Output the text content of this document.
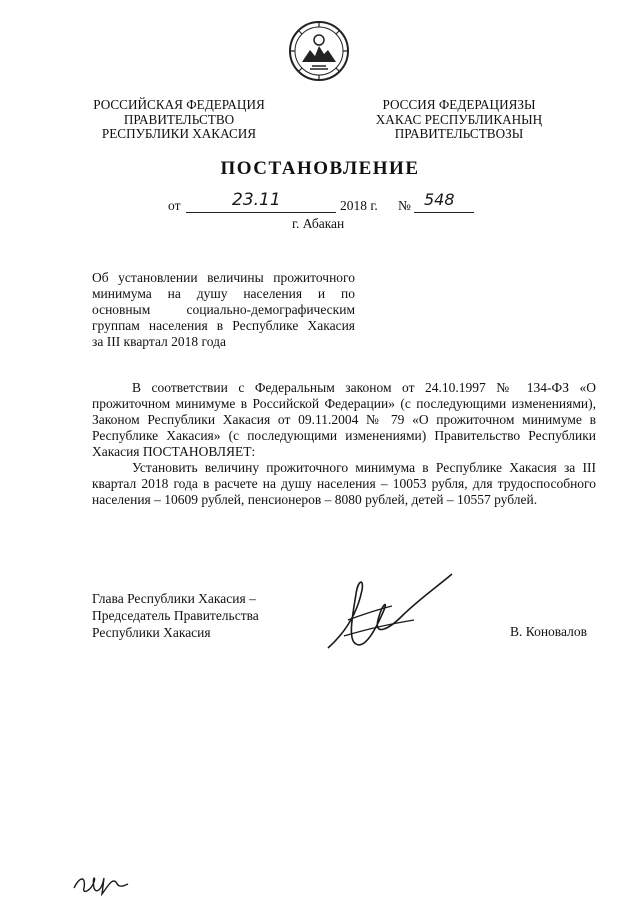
РОССИЙСКАЯ ФЕДЕРАЦИЯ
ПРАВИТЕЛЬСТВО
РЕСПУБЛИКИ ХАКАСИЯ
РОССИЯ ФЕДЕРАЦИЯЗЫ
ХАКАС РЕСПУБЛИКАНЫҢ
ПРАВИТЕЛЬСТВОЗЫ
ПОСТАНОВЛЕНИЕ
от	23.11	2018 г. № 548
г. Абакан
Об установлении величины прожиточного
минимума на душу населения и по
основным социально-демографическим
группам населения в Республике Хакасия
за III квартал 2018 года

В соответствии с Федеральным законом от 24.10.1997 № 134-ФЗ «О прожиточном минимуме в Российской Федерации» (с последующими изменениями), Законом Республики Хакасия от 09.11.2004 № 79 «О прожиточном минимуме в Республике Хакасия» (с последующими изменениями) Правительство Республики Хакасия ПОСТАНОВЛЯЕТ:

Установить величину прожиточного минимума в Республике Хакасия за III квартал 2018 года в расчете на душу населения – 10053 рубля, для трудоспособного населения – 10609 рублей, пенсионеров – 8080 рублей, детей – 10557 рублей.

Глава Республики Хакасия –
Председатель Правительства
Республики Хакасия	В. Коновалов
